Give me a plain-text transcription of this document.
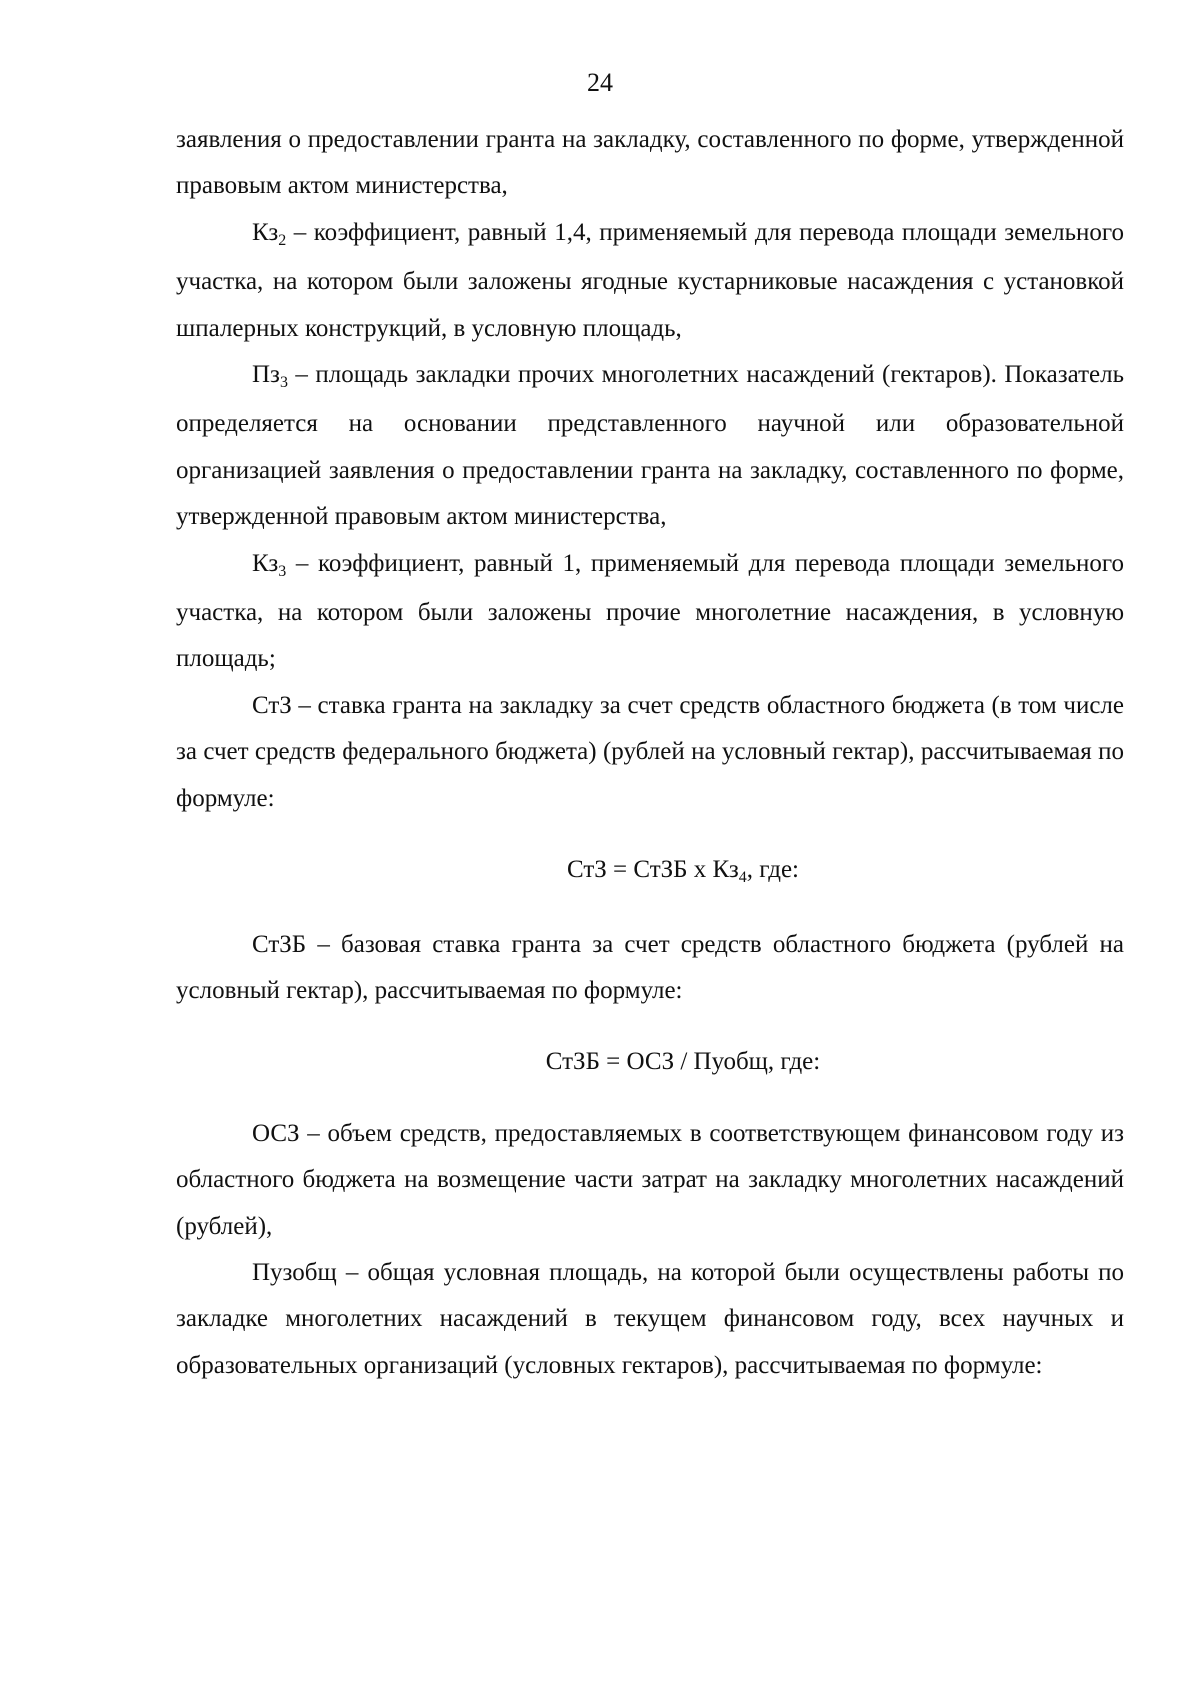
24

заявления о предоставлении гранта на закладку, составленного по форме, утвержденной правовым актом министерства,

$Кз_2$ – коэффициент, равный 1,4, применяемый для перевода площади земельного участка, на котором были заложены ягодные кустарниковые насаждения с установкой шпалерных конструкций, в условную площадь,

$Пз_3$ – площадь закладки прочих многолетних насаждений (гектаров). Показатель определяется на основании представленного научной или образовательной организацией заявления о предоставлении гранта на закладку, составленного по форме, утвержденной правовым актом министерства,

$Кз_3$ – коэффициент, равный 1, применяемый для перевода площади земельного участка, на котором были заложены прочие многолетние насаждения, в условную площадь;

СтЗ – ставка гранта на закладку за счет средств областного бюджета (в том числе за счет средств федерального бюджета) (рублей на условный гектар), рассчитываемая по формуле:

СтЗ = СтЗБ х $Кз_4$, где:

СтЗБ – базовая ставка гранта за счет средств областного бюджета (рублей на условный гектар), рассчитываемая по формуле:

СтЗБ = ОСЗ / Пуобщ, где:

ОСЗ – объем средств, предоставляемых в соответствующем финансовом году из областного бюджета на возмещение части затрат на закладку многолетних насаждений (рублей),

Пузобщ – общая условная площадь, на которой были осуществлены работы по закладке многолетних насаждений в текущем финансовом году, всех научных и образовательных организаций (условных гектаров), рассчитываемая по формуле:
